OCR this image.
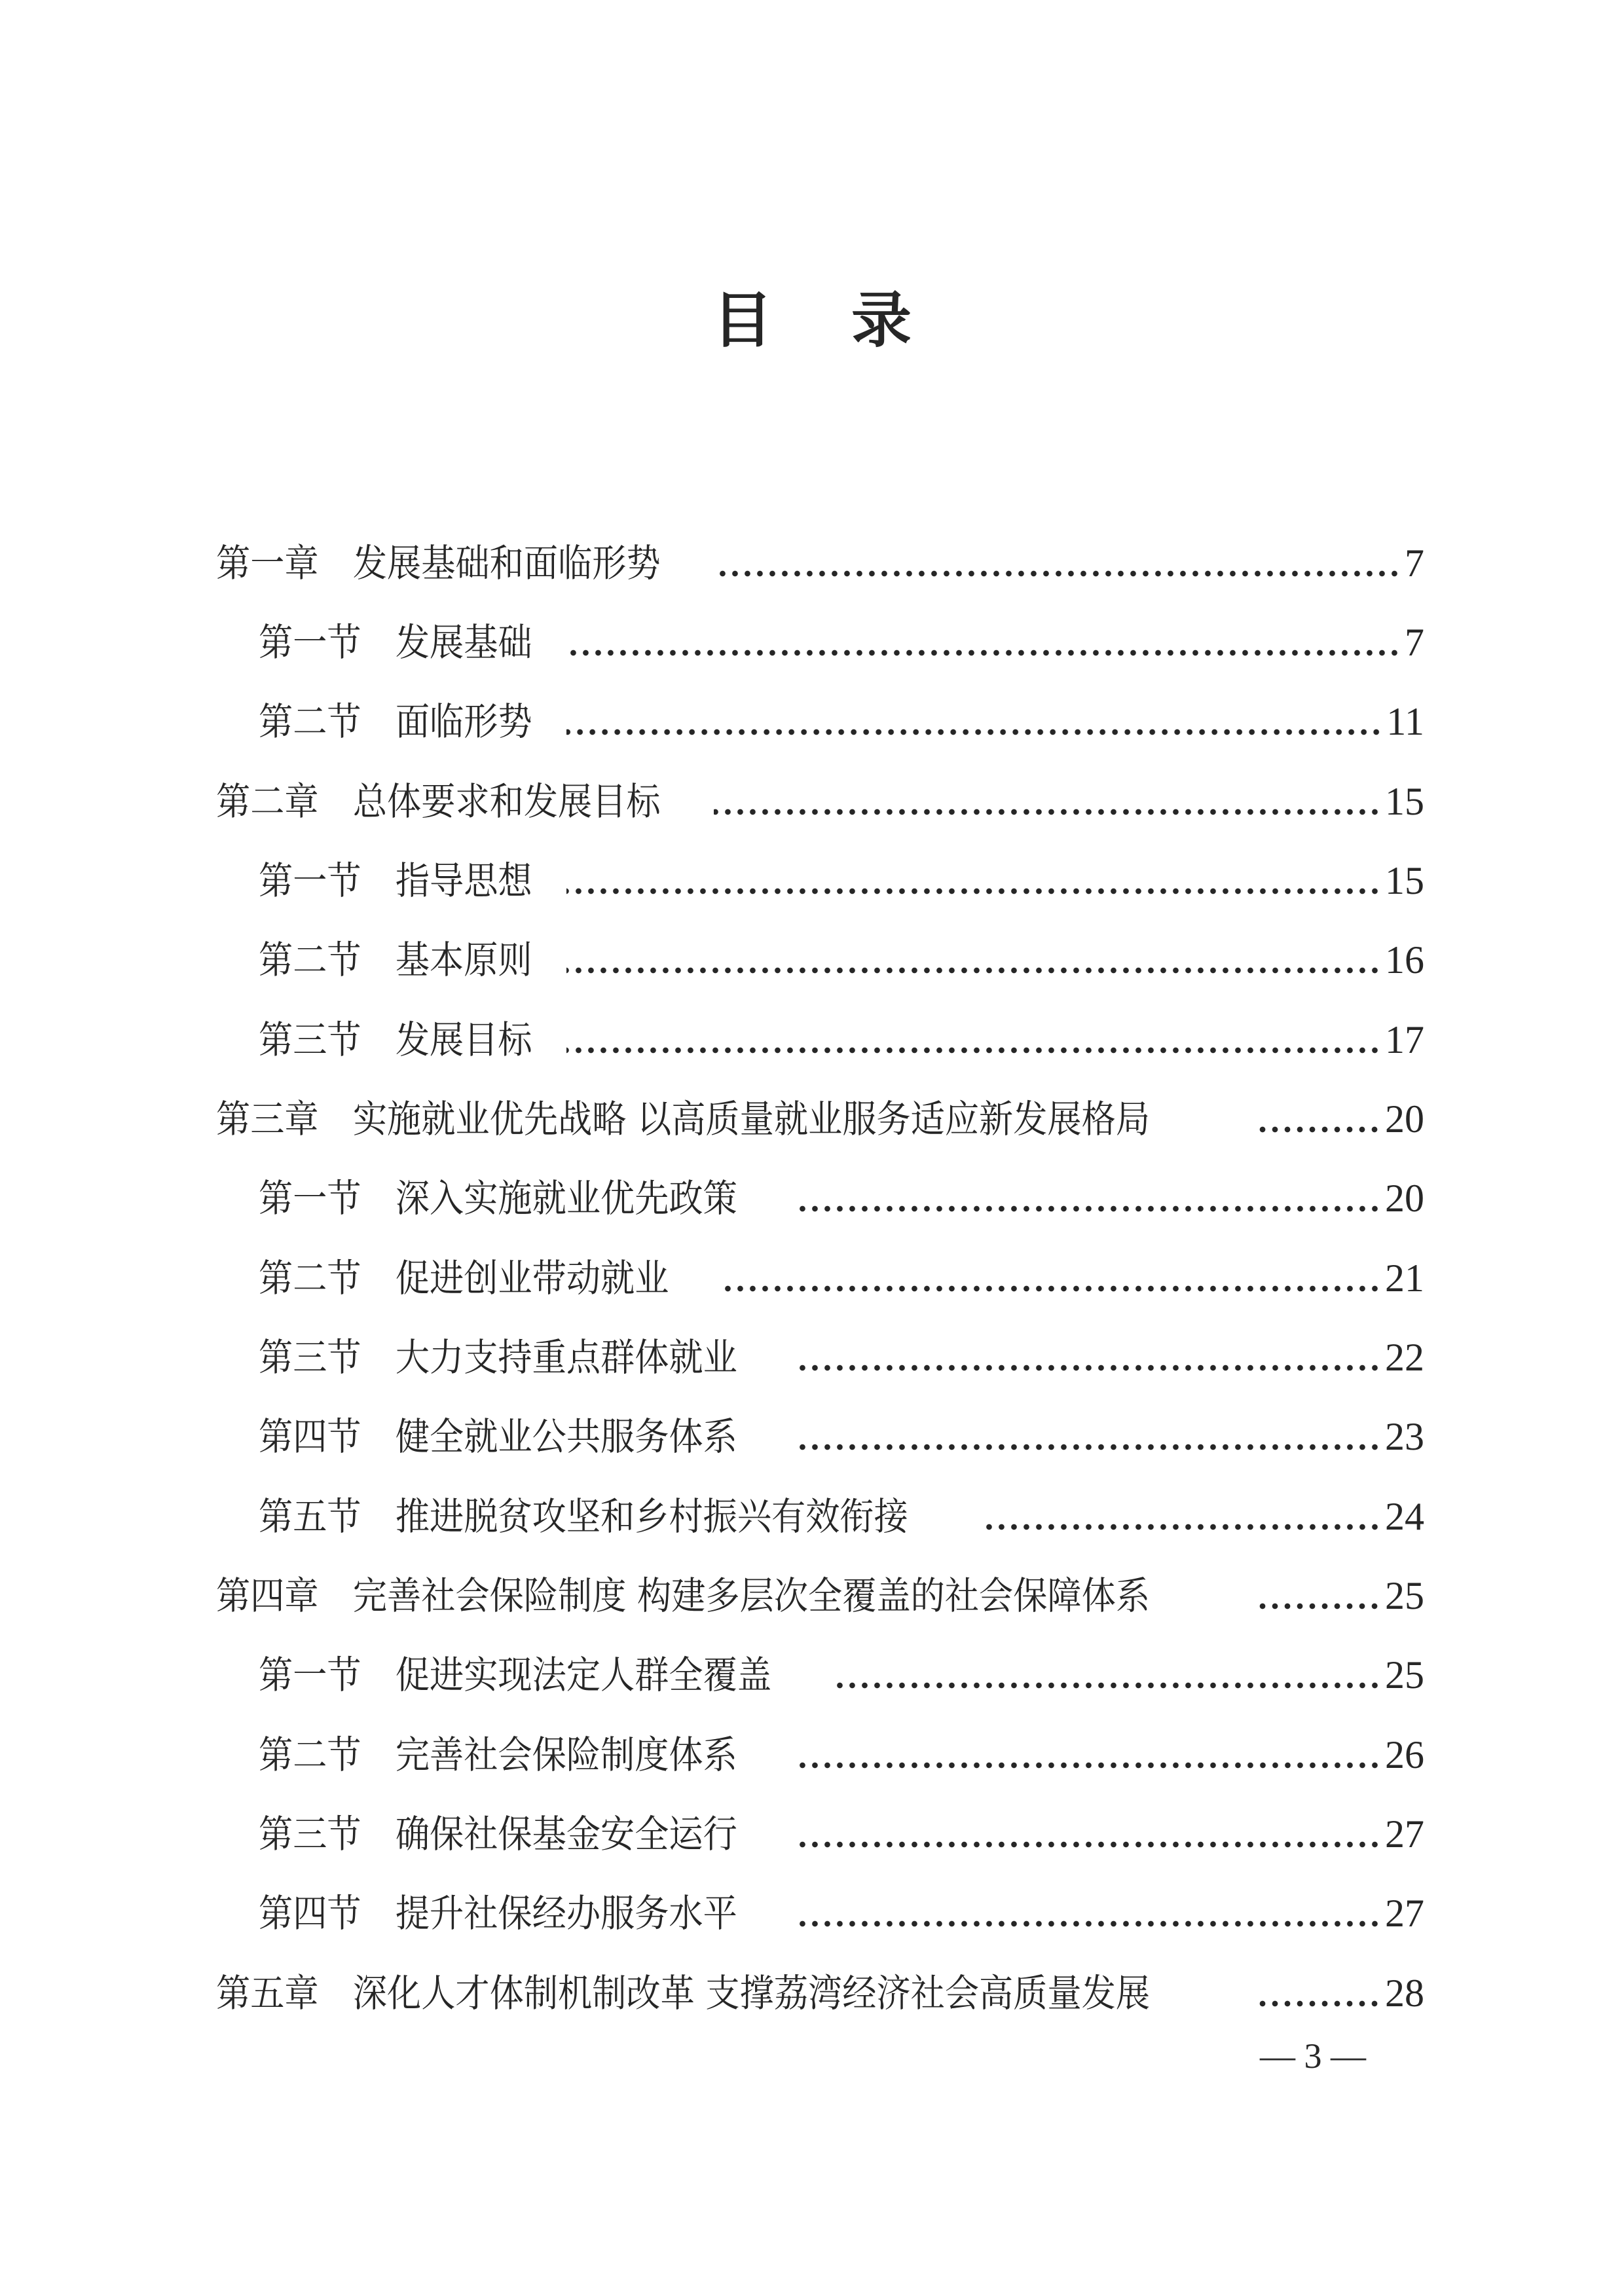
目录
第一章　 发展基础和面临形势	7
第一节　 发展基础	7
第二节　 面临形势	11
第二章　 总体要求和发展目标	15
第一节　 指导思想	15
第二节　 基本原则	16
第三节　 发展目标	17
第三章　 实施就业优先战略 以高质量就业服务适应新发展格局	20
第一节　 深入实施就业优先政策	20
第二节　 促进创业带动就业	21
第三节　 大力支持重点群体就业	22
第四节　 健全就业公共服务体系	23
第五节　 推进脱贫攻坚和乡村振兴有效衔接	24
第四章　 完善社会保险制度 构建多层次全覆盖的社会保障体系	25
第一节　 促进实现法定人群全覆盖	25
第二节　 完善社会保险制度体系	26
第三节　 确保社保基金安全运行	27
第四节　 提升社保经办服务水平	27
第五章　 深化人才体制机制改革 支撑荔湾经济社会高质量发展	28
— 3 —
